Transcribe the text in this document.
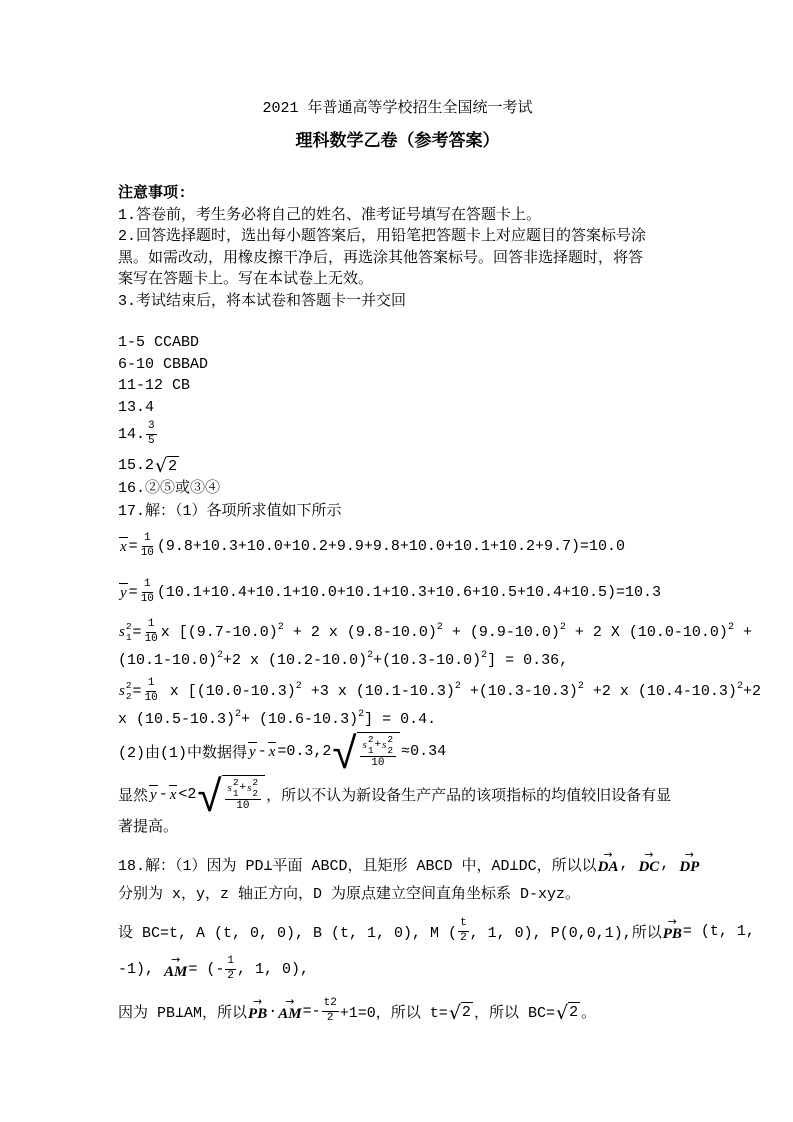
2021 年普通高等学校招生全国统一考试
理科数学乙卷（参考答案）
注意事项:
1.答卷前，考生务必将自己的姓名、准考证号填写在答题卡上。
2.回答选择题时，选出每小题答案后，用铅笔把答题卡上对应题目的答案标号涂
黑。如需改动，用橡皮擦干净后，再选涂其他答案标号。回答非选择题时，将答
案写在答题卡上。写在本试卷上无效。
3.考试结束后，将本试卷和答题卡一并交回
1-5 CCABD
6-10 CBBAD
11-12 CB
13.4
14. $\frac{3}{5}$
15.2 √ 2
16.②⑤或③④
17.解：（1）各项所求值如下所示
$x = \frac{1}{10} (9.8+10.3+10.0+10.2+9.9+9.8+10.0+10.1+10.2+9.7)=10.0$
$y = \frac{1}{10} (10.1+10.4+10.1+10.0+10.1+10.3+10.6+10.5+10.4+10.5)=10.3$
s 2
$1 = \frac{1}{10}$ x [(9.7-10.0) 2 + 2 x (9.8-10.0) 2 + (9.9-10.0) 2 + 2 X (10.0-10.0) 2 +
(10.1-10.0) 2 +2 x (10.2-10.0) 2 +(10.3-10.0) 2 ] = 0.36,
s 2
$2 = \frac{1}{10}$ x [(10.0-10.3) 2 +3 x (10.1-10.3) 2 +(10.3-10.3) 2 +2 x (10.4-10.3) 2 +2
x (10.5-10.3) 2 + (10.6-10.3) 2 ] = 0.4.
(2)由(1)中数据得 y - x =0.3,2 √ s 2
1 + s 2
2
10 ≈0.34
显然 y - x <2 √ s 2
1 + s 2
2
10 ，所以不认为新设备生产产品的该项指标的均值较旧设备有显
著提高。
18.解：（1）因为 PD⊥平面 ABCD，且矩形 ABCD 中，AD⊥DC，所以以
→
DA ,
→
DC ,
→
DP
分别为 x，y，z 轴正方向，D 为原点建立空间直角坐标系 D-xyz。
设 BC=t, A (t, 0, 0), B (t, 1, 0), M ( $\frac{t}{2}$ , 1, 0), P(0,0,1),所以
→
PB = (t, 1,
-1),
→
AM = (- $\frac{1}{2}$ , 1, 0),
因为 PB⊥AM，所以
→
PB ·
→
AM =- $\frac{t2}{2} +1=0$，所以 t= √ 2 ，所以 BC= √ 2 。
